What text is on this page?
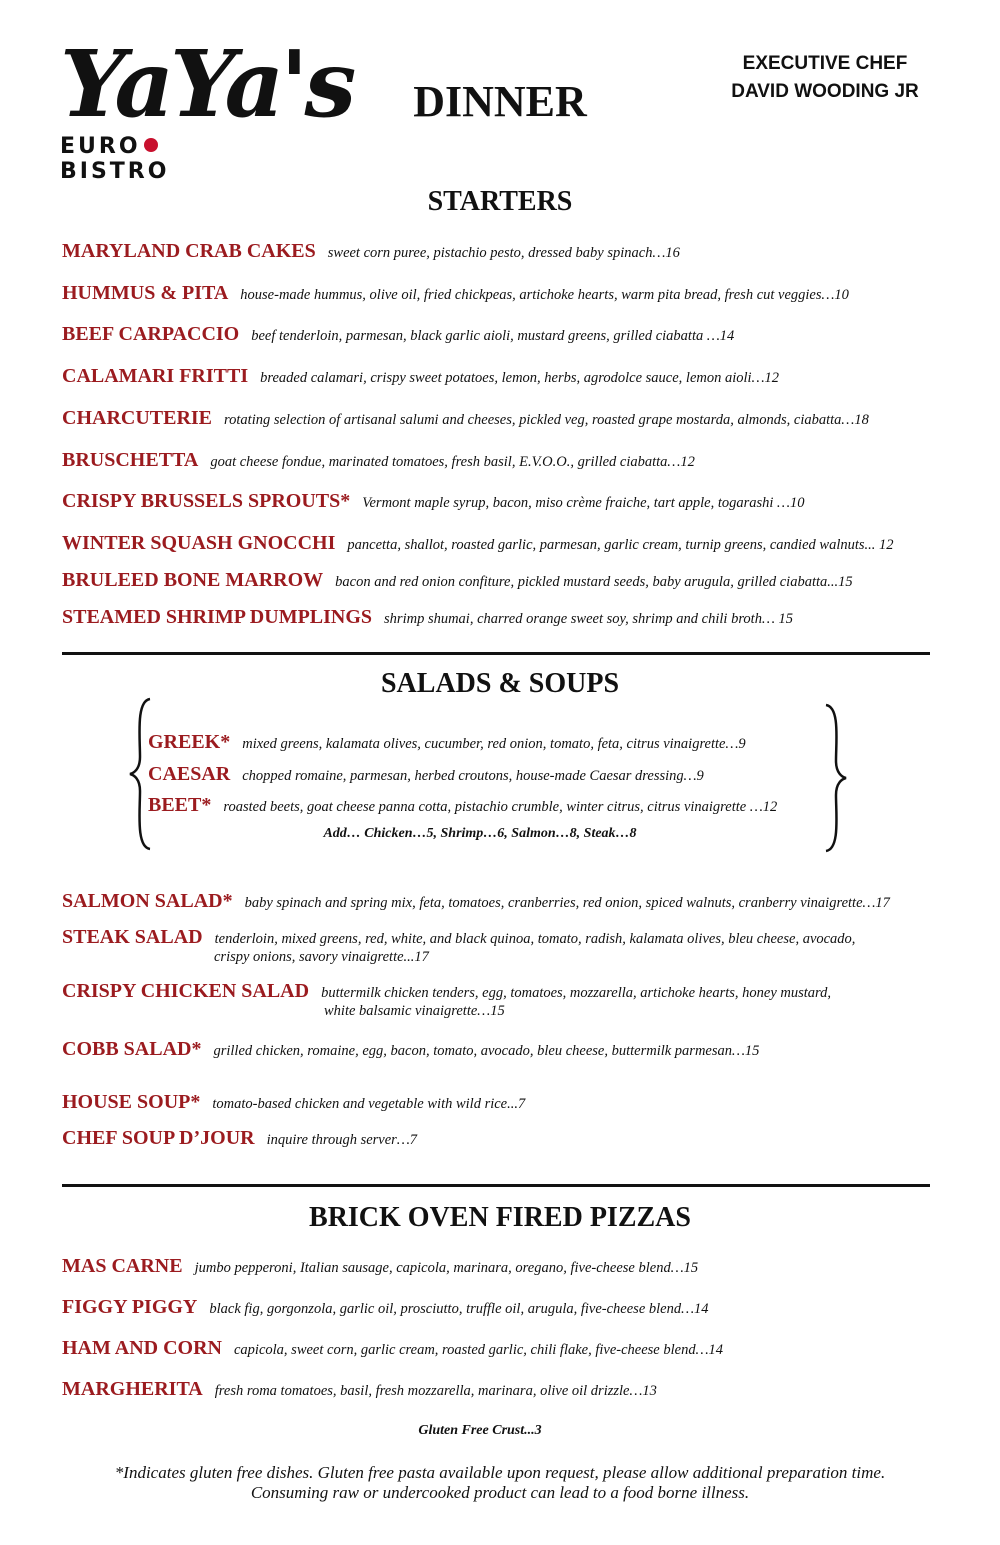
YaYa's
EUROBISTRO
DINNER
EXECUTIVE CHEF
DAVID WOODING JR
STARTERS
MARYLAND CRAB CAKES sweet corn puree, pistachio pesto, dressed baby spinach…16
HUMMUS & PITA house-made hummus, olive oil, fried chickpeas, artichoke hearts, warm pita bread, fresh cut veggies…10
BEEF CARPACCIO beef tenderloin, parmesan, black garlic aioli, mustard greens, grilled ciabatta …14
CALAMARI FRITTI breaded calamari, crispy sweet potatoes, lemon, herbs, agrodolce sauce, lemon aioli…12
CHARCUTERIE rotating selection of artisanal salumi and cheeses, pickled veg, roasted grape mostarda, almonds, ciabatta…18
BRUSCHETTA goat cheese fondue, marinated tomatoes, fresh basil, E.V.O.O., grilled ciabatta…12
CRISPY BRUSSELS SPROUTS* Vermont maple syrup, bacon, miso crème fraiche, tart apple, togarashi …10
WINTER SQUASH GNOCCHI pancetta, shallot, roasted garlic, parmesan, garlic cream, turnip greens, candied walnuts... 12
BRULEED BONE MARROW bacon and red onion confiture, pickled mustard seeds, baby arugula, grilled ciabatta...15
STEAMED SHRIMP DUMPLINGS shrimp shumai, charred orange sweet soy, shrimp and chili broth… 15
SALADS & SOUPS
GREEK* mixed greens, kalamata olives, cucumber, red onion, tomato, feta, citrus vinaigrette…9
CAESAR chopped romaine, parmesan, herbed croutons, house-made Caesar dressing…9
BEET* roasted beets, goat cheese panna cotta, pistachio crumble, winter citrus, citrus vinaigrette …12
Add… Chicken…5, Shrimp…6, Salmon…8, Steak…8
SALMON SALAD* baby spinach and spring mix, feta, tomatoes, cranberries, red onion, spiced walnuts, cranberry vinaigrette…17
STEAK SALAD tenderloin, mixed greens, red, white, and black quinoa, tomato, radish, kalamata olives, bleu cheese, avocado,
crispy onions, savory vinaigrette...17
CRISPY CHICKEN SALAD buttermilk chicken tenders, egg, tomatoes, mozzarella, artichoke hearts, honey mustard,
white balsamic vinaigrette…15
COBB SALAD* grilled chicken, romaine, egg, bacon, tomato, avocado, bleu cheese, buttermilk parmesan…15
HOUSE SOUP* tomato-based chicken and vegetable with wild rice...7
CHEF SOUP D’JOUR inquire through server…7
BRICK OVEN FIRED PIZZAS
MAS CARNE jumbo pepperoni, Italian sausage, capicola, marinara, oregano, five-cheese blend…15
FIGGY PIGGY black fig, gorgonzola, garlic oil, prosciutto, truffle oil, arugula, five-cheese blend…14
HAM AND CORN capicola, sweet corn, garlic cream, roasted garlic, chili flake, five-cheese blend…14
MARGHERITA fresh roma tomatoes, basil, fresh mozzarella, marinara, olive oil drizzle…13
Gluten Free Crust...3
*Indicates gluten free dishes. Gluten free pasta available upon request, please allow additional preparation time.
Consuming raw or undercooked product can lead to a food borne illness.
